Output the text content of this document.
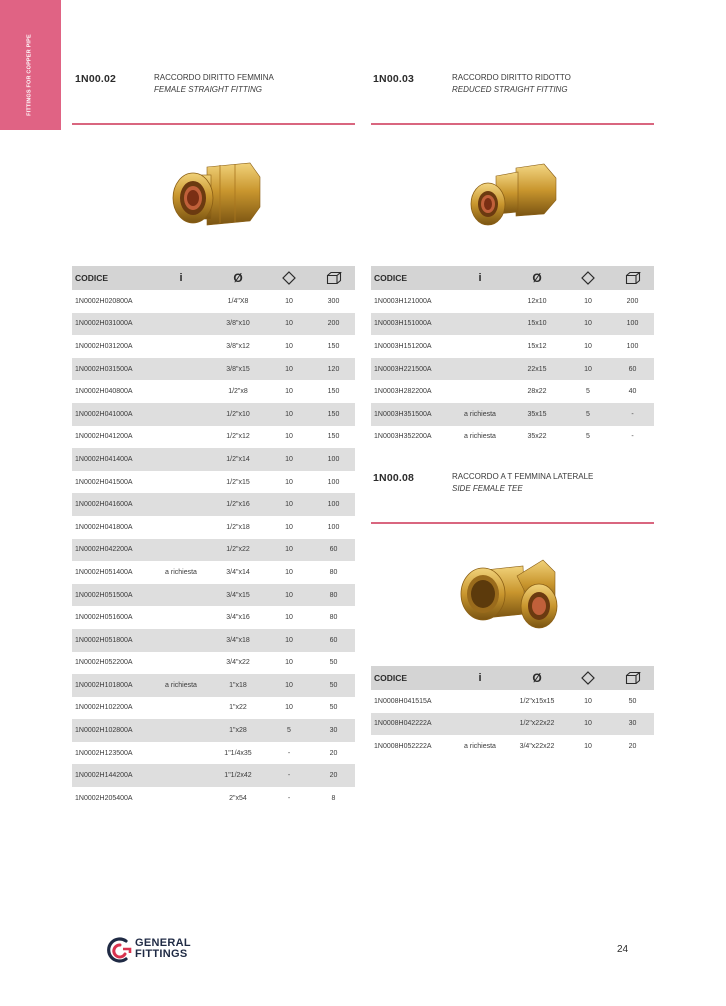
FITTINGS FOR COPPER PIPE	1N00.02	RACCORDO DIRITTO FEMMINA
FEMALE STRAIGHT FITTING
1N00.03	RACCORDO DIRITTO RIDOTTO
REDUCED STRAIGHT FITTING
CODICE	i	Ø		
1N0002H020800A		1/4"X8	10	300
1N0002H031000A		3/8"x10	10	200
1N0002H031200A		3/8"x12	10	150
1N0002H031500A		3/8"x15	10	120
1N0002H040800A		1/2"x8	10	150
1N0002H041000A		1/2"x10	10	150
1N0002H041200A		1/2"x12	10	150
1N0002H041400A		1/2"x14	10	100
1N0002H041500A		1/2"x15	10	100
1N0002H041600A		1/2"x16	10	100
1N0002H041800A		1/2"x18	10	100
1N0002H042200A		1/2"x22	10	60
1N0002H051400A	a richiesta	3/4"x14	10	80
1N0002H051500A		3/4"x15	10	80
1N0002H051600A		3/4"x16	10	80
1N0002H051800A		3/4"x18	10	60
1N0002H052200A		3/4"x22	10	50
1N0002H101800A	a richiesta	1"x18	10	50
1N0002H102200A		1"x22	10	50
1N0002H102800A		1"x28	5	30
1N0002H123500A		1"1/4x35	-	20
1N0002H144200A		1"1/2x42	-	20
1N0002H205400A		2"x54	-	8
CODICE	i	Ø		
1N0003H121000A		12x10	10	200
1N0003H151000A		15x10	10	100
1N0003H151200A		15x12	10	100
1N0003H221500A		22x15	10	60
1N0003H282200A		28x22	5	40
1N0003H351500A	a richiesta	35x15	5	-
1N0003H352200A	a richiesta	35x22	5	-
1N00.08	RACCORDO A T FEMMINA LATERALE
SIDE FEMALE TEE
CODICE	i	Ø		
1N0008H041515A		1/2"x15x15	10	50
1N0008H042222A		1/2"x22x22	10	30
1N0008H052222A	a richiesta	3/4"x22x22	10	20
GENERAL
FITTINGS	24
